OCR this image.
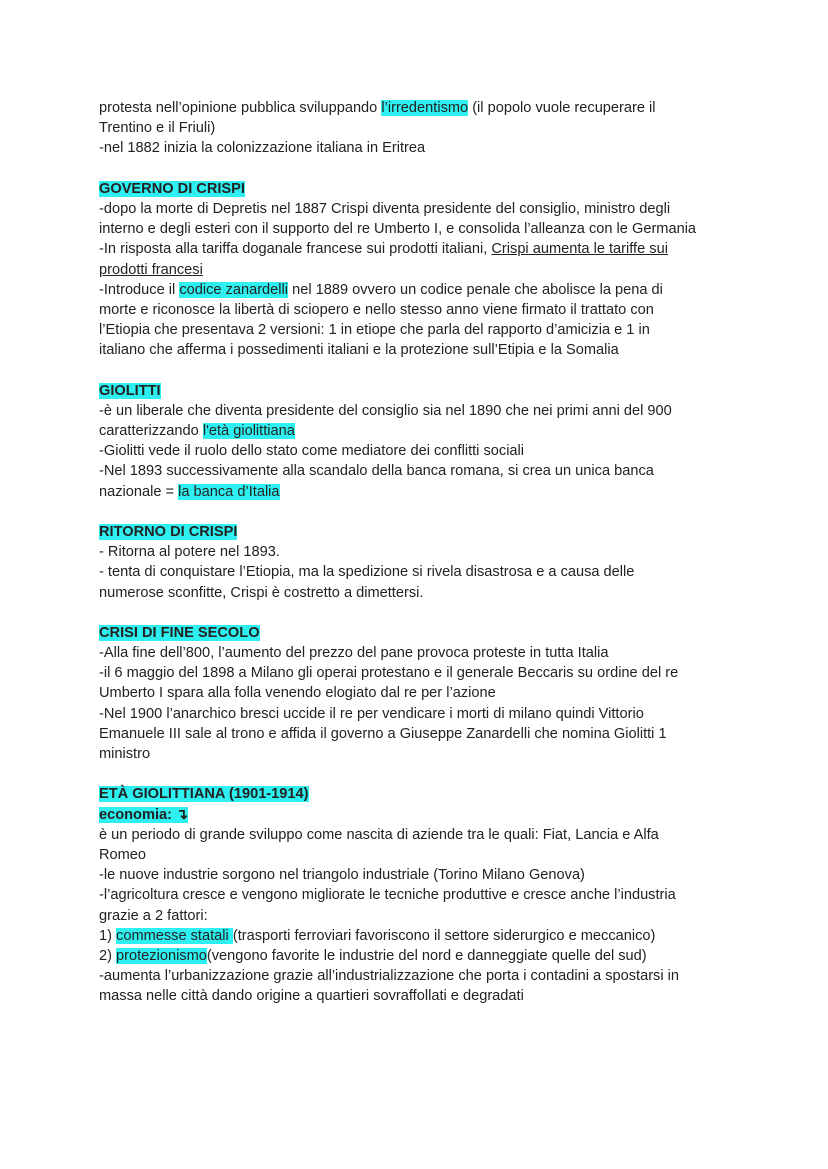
protesta nell’opinione pubblica sviluppando l’irredentismo (il popolo vuole recuperare il
Trentino e il Friuli)
-nel 1882 inizia la colonizzazione italiana in Eritrea
GOVERNO DI CRISPI
-dopo la morte di Depretis nel 1887 Crispi diventa presidente del consiglio, ministro degli
interno e degli esteri con il supporto del re Umberto I, e consolida l’alleanza con le Germania
-In risposta alla tariffa doganale francese sui prodotti italiani, Crispi aumenta le tariffe sui
prodotti francesi
-Introduce il codice zanardelli nel 1889 ovvero un codice penale che abolisce la pena di
morte e riconosce la libertà di sciopero e nello stesso anno viene firmato il trattato con
l’Etiopia che presentava 2 versioni: 1 in etiope che parla del rapporto d’amicizia e 1 in
italiano che afferma i possedimenti italiani e la protezione sull’Etipia e la Somalia
GIOLITTI
-è un liberale che diventa presidente del consiglio sia nel 1890 che nei primi anni del 900
caratterizzando l'età giolittiana
-Giolitti vede il ruolo dello stato come mediatore dei conflitti sociali
-Nel 1893 successivamente alla scandalo della banca romana, si crea un unica banca
nazionale = la banca d’Italia
RITORNO DI CRISPI
- Ritorna al potere nel 1893.
- tenta di conquistare l’Etiopia, ma la spedizione si rivela disastrosa e a causa delle
numerose sconfitte, Crispi è costretto a dimettersi.
CRISI DI FINE SECOLO
-Alla fine dell’800, l’aumento del prezzo del pane provoca proteste in tutta Italia
-il 6 maggio del 1898 a Milano gli operai protestano e il generale Beccaris su ordine del re
Umberto I spara alla folla venendo elogiato dal re per l’azione
-Nel 1900 l’anarchico bresci uccide il re per vendicare i morti di milano quindi Vittorio
Emanuele III sale al trono e affida il governo a Giuseppe Zanardelli che nomina Giolitti 1
ministro
ETÀ GIOLITTIANA (1901-1914)
economia: ↴
è un periodo di grande sviluppo come nascita di aziende tra le quali: Fiat, Lancia e Alfa
Romeo
-le nuove industrie sorgono nel triangolo industriale (Torino Milano Genova)
-l’agricoltura cresce e vengono migliorate le tecniche produttive e cresce anche l’industria
grazie a 2 fattori:
1) commesse statali (trasporti ferroviari favoriscono il settore siderurgico e meccanico)
2) protezionismo(vengono favorite le industrie del nord e danneggiate quelle del sud)
-aumenta l’urbanizzazione grazie all’industrializzazione che porta i contadini a spostarsi in
massa nelle città dando origine a quartieri sovraffollati e degradati
